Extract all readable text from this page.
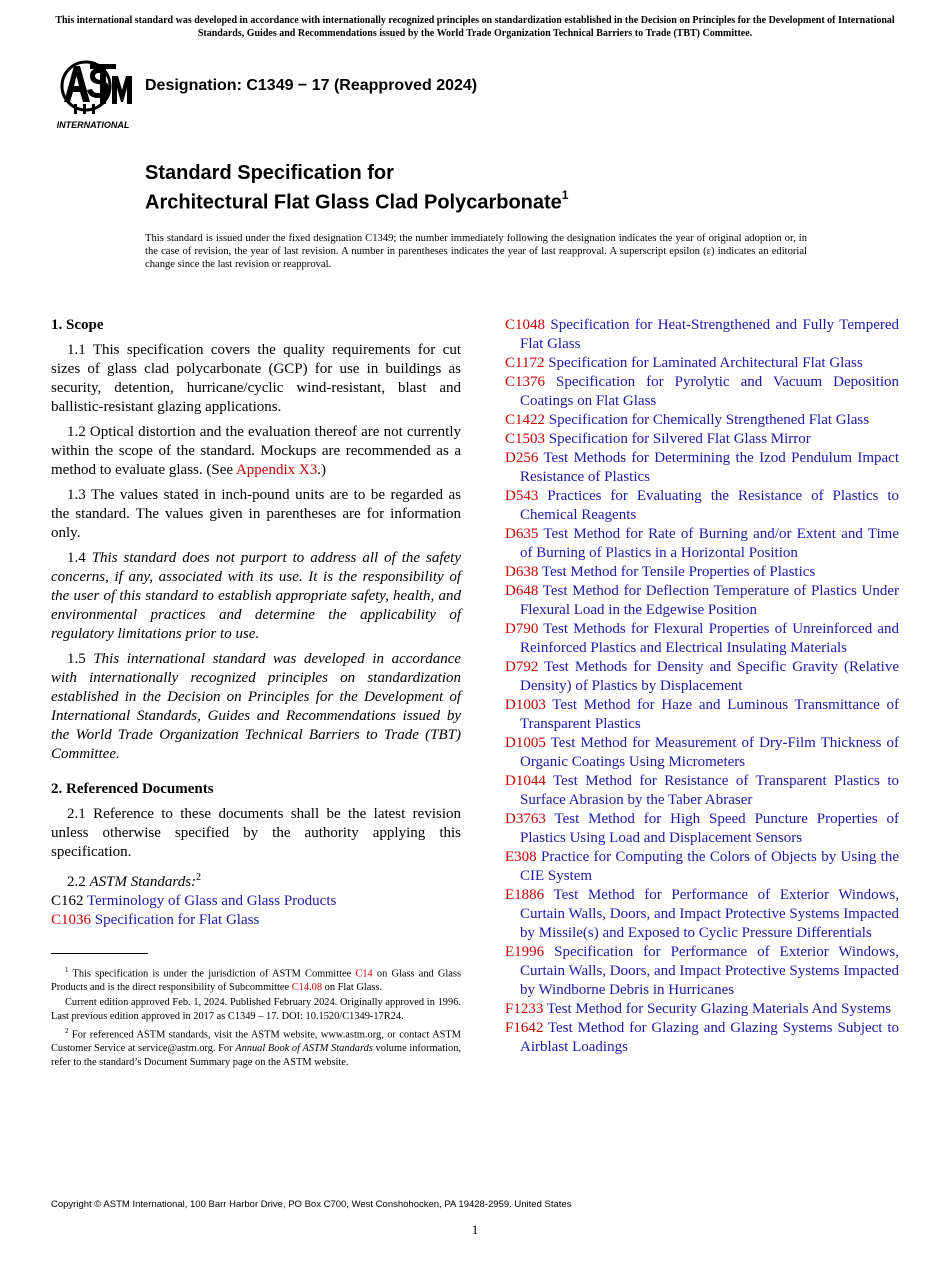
This international standard was developed in accordance with internationally recognized principles on standardization established in the Decision on Principles for the Development of International Standards, Guides and Recommendations issued by the World Trade Organization Technical Barriers to Trade (TBT) Committee.
INTERNATIONAL
Designation: C1349 − 17 (Reapproved 2024)
Standard Specification for
Architectural Flat Glass Clad Polycarbonate$^1$
This standard is issued under the fixed designation C1349; the number immediately following the designation indicates the year of original adoption or, in the case of revision, the year of last revision. A number in parentheses indicates the year of last reapproval. A superscript epsilon (ε) indicates an editorial change since the last revision or reapproval.
1. Scope

1.1 This specification covers the quality requirements for cut sizes of glass clad polycarbonate (GCP) for use in buildings as security, detention, hurricane/cyclic wind-resistant, blast and ballistic-resistant glazing applications.

1.2 Optical distortion and the evaluation thereof are not currently within the scope of the standard. Mockups are recommended as a method to evaluate glass. (See Appendix X3.)

1.3 The values stated in inch-pound units are to be regarded as the standard. The values given in parentheses are for information only.

1.4 This standard does not purport to address all of the safety concerns, if any, associated with its use. It is the responsibility of the user of this standard to establish appropriate safety, health, and environmental practices and determine the applicability of regulatory limitations prior to use.

1.5 This international standard was developed in accordance with internationally recognized principles on standardization established in the Decision on Principles for the Development of International Standards, Guides and Recommendations issued by the World Trade Organization Technical Barriers to Trade (TBT) Committee.

2. Referenced Documents

2.1 Reference to these documents shall be the latest revision unless otherwise specified by the authority applying this specification.

2.2 ASTM Standards:$^2$

C162 Terminology of Glass and Glass Products

C1036 Specification for Flat Glass

C1048 Specification for Heat-Strengthened and Fully Tempered Flat Glass

C1172 Specification for Laminated Architectural Flat Glass

C1376 Specification for Pyrolytic and Vacuum Deposition Coatings on Flat Glass

C1422 Specification for Chemically Strengthened Flat Glass

C1503 Specification for Silvered Flat Glass Mirror

D256 Test Methods for Determining the Izod Pendulum Impact Resistance of Plastics

D543 Practices for Evaluating the Resistance of Plastics to Chemical Reagents

D635 Test Method for Rate of Burning and/or Extent and Time of Burning of Plastics in a Horizontal Position

D638 Test Method for Tensile Properties of Plastics

D648 Test Method for Deflection Temperature of Plastics Under Flexural Load in the Edgewise Position

D790 Test Methods for Flexural Properties of Unreinforced and Reinforced Plastics and Electrical Insulating Materials

D792 Test Methods for Density and Specific Gravity (Relative Density) of Plastics by Displacement

D1003 Test Method for Haze and Luminous Transmittance of Transparent Plastics

D1005 Test Method for Measurement of Dry-Film Thickness of Organic Coatings Using Micrometers

D1044 Test Method for Resistance of Transparent Plastics to Surface Abrasion by the Taber Abraser

D3763 Test Method for High Speed Puncture Properties of Plastics Using Load and Displacement Sensors

E308 Practice for Computing the Colors of Objects by Using the CIE System

E1886 Test Method for Performance of Exterior Windows, Curtain Walls, Doors, and Impact Protective Systems Impacted by Missile(s) and Exposed to Cyclic Pressure Differentials

E1996 Specification for Performance of Exterior Windows, Curtain Walls, Doors, and Impact Protective Systems Impacted by Windborne Debris in Hurricanes

F1233 Test Method for Security Glazing Materials And Systems

F1642 Test Method for Glazing and Glazing Systems Subject to Airblast Loadings

$^1$ This specification is under the jurisdiction of ASTM Committee C14 on Glass and Glass Products and is the direct responsibility of Subcommittee C14.08 on Flat Glass.

Current edition approved Feb. 1, 2024. Published February 2024. Originally approved in 1996. Last previous edition approved in 2017 as C1349 – 17. DOI: 10.1520/C1349-17R24.

$^2$ For referenced ASTM standards, visit the ASTM website, www.astm.org, or contact ASTM Customer Service at service@astm.org. For Annual Book of ASTM Standards volume information, refer to the standard’s Document Summary page on the ASTM website.

Copyright © ASTM International, 100 Barr Harbor Drive, PO Box C700, West Conshohocken, PA 19428-2959. United States
1
